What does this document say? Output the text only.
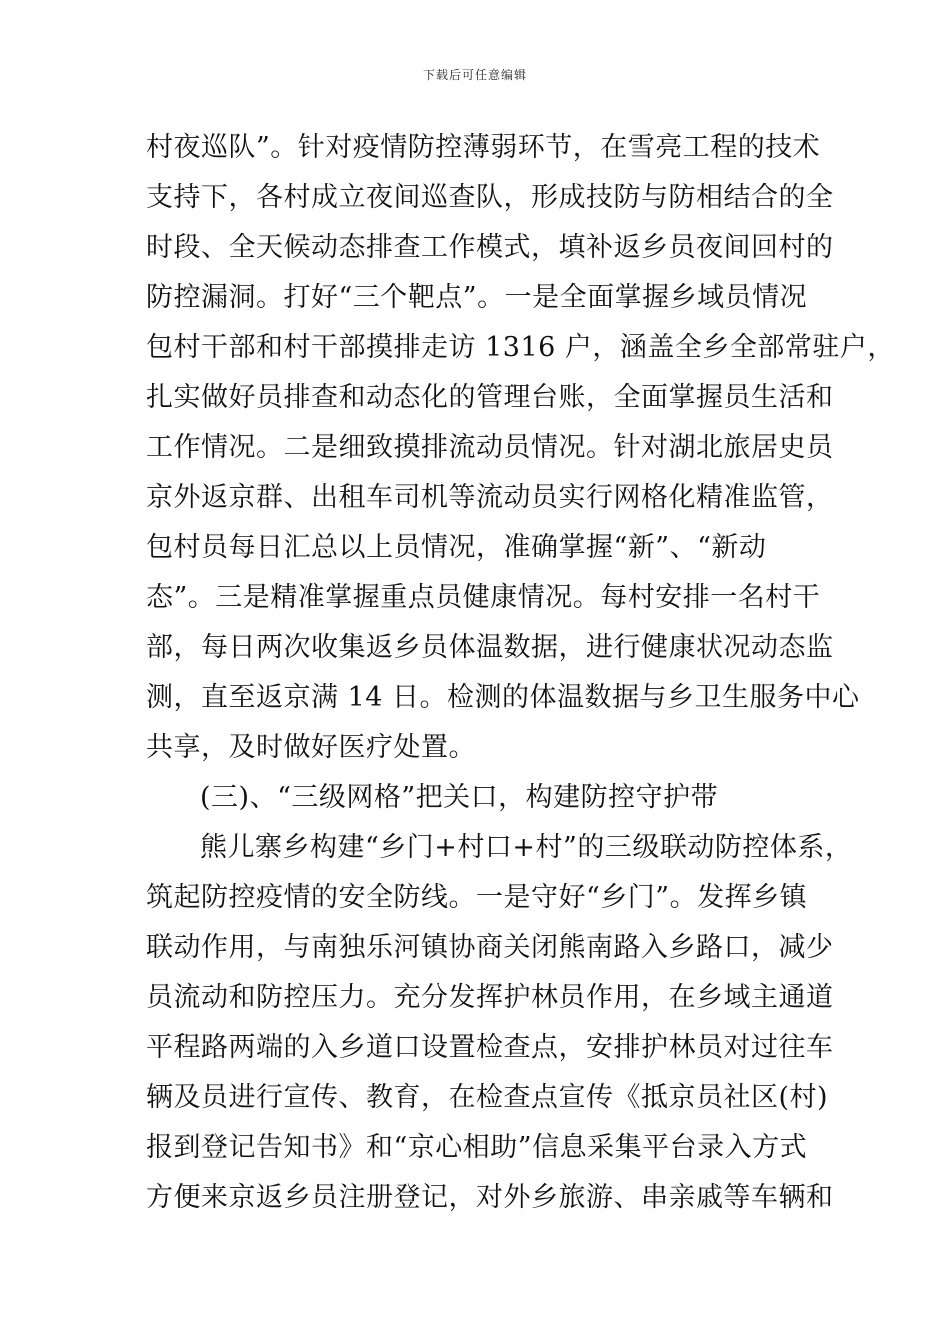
下载后可任意编辑
村夜巡队”。针对疫情防控薄弱环节，在雪亮工程的技术
支持下，各村成立夜间巡查队，形成技防与防相结合的全
时段、全天候动态排查工作模式，填补返乡员夜间回村的
防控漏洞。打好“三个靶点”。一是全面掌握乡域员情况
包村干部和村干部摸排走访 1316 户，涵盖全乡全部常驻户，
扎实做好员排查和动态化的管理台账，全面掌握员生活和
工作情况。二是细致摸排流动员情况。针对湖北旅居史员
京外返京群、出租车司机等流动员实行网格化精准监管，
包村员每日汇总以上员情况，准确掌握“新”、“新动
态”。三是精准掌握重点员健康情况。每村安排一名村干
部，每日两次收集返乡员体温数据，进行健康状况动态监
测，直至返京满 14 日。检测的体温数据与乡卫生服务中心
共享，及时做好医疗处置。
(三)、“三级网格”把关口，构建防控守护带
熊儿寨乡构建“乡门+村口+村”的三级联动防控体系，
筑起防控疫情的安全防线。一是守好“乡门”。发挥乡镇
联动作用，与南独乐河镇协商关闭熊南路入乡路口，减少
员流动和防控压力。充分发挥护林员作用，在乡域主通道
平程路两端的入乡道口设置检查点，安排护林员对过往车
辆及员进行宣传、教育，在检查点宣传《抵京员社区(村)
报到登记告知书》和“京心相助”信息采集平台录入方式
方便来京返乡员注册登记，对外乡旅游、串亲戚等车辆和
